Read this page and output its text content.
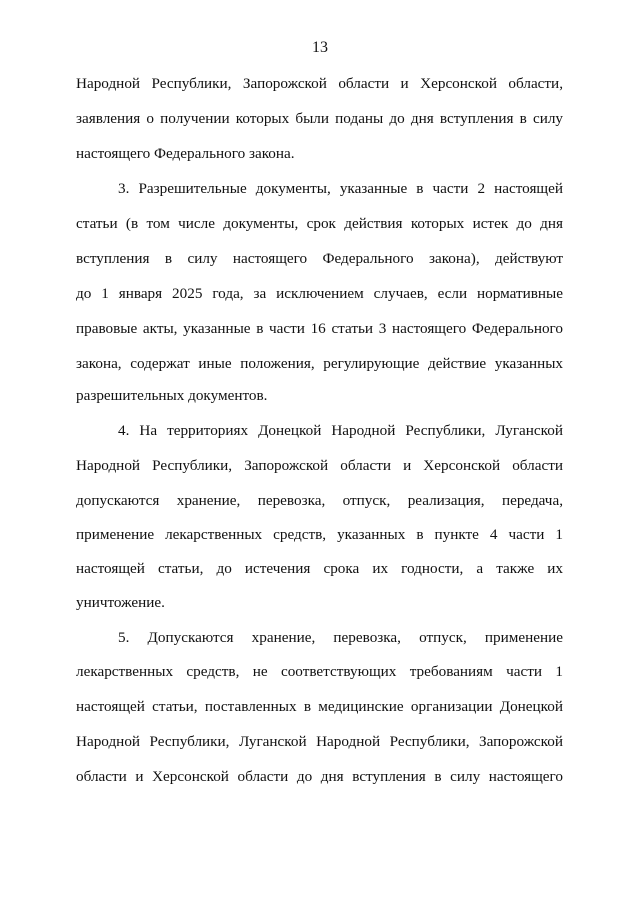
13
Народной Республики, Запорожской области и Херсонской области,
заявления о получении которых были поданы до дня вступления в силу
настоящего Федерального закона.
3. Разрешительные документы, указанные в части 2 настоящей
статьи (в том числе документы, срок действия которых истек до дня
вступления в силу настоящего Федерального закона), действуют
до 1 января 2025 года, за исключением случаев, если нормативные
правовые акты, указанные в части 16 статьи 3 настоящего Федерального
закона, содержат иные положения, регулирующие действие указанных
разрешительных документов.
4. На территориях Донецкой Народной Республики, Луганской
Народной Республики, Запорожской области и Херсонской области
допускаются хранение, перевозка, отпуск, реализация, передача,
применение лекарственных средств, указанных в пункте 4 части 1
настоящей статьи, до истечения срока их годности, а также их
уничтожение.
5. Допускаются хранение, перевозка, отпуск, применение
лекарственных средств, не соответствующих требованиям части 1
настоящей статьи, поставленных в медицинские организации Донецкой
Народной Республики, Луганской Народной Республики, Запорожской
области и Херсонской области до дня вступления в силу настоящего
